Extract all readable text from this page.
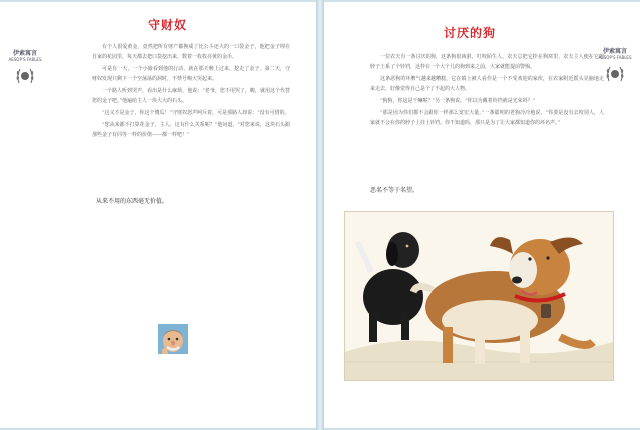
守财奴
伊索寓言
AESOP'S FABLES

有个人很爱黄金，竟然把所有财产都换成了比公斗还大的一口袋金子，他把金子埋在自家的花园里，每天都去把口袋挖出来，数着一枚枚亮黄的金币。

可是有一天，一个小偷看到他的行动，就在那天晚上过来，挖走了金子。第二天，守财奴发现只剩下一个空荡荡的洞时，不禁号啕大哭起来。

一个路人听到哭声，看出是什么麻烦，他说：“老爷，您不用哭了，嗨，就用这个代替您的金子吧。”他遍给主人一块大大的石头。

“这又不是金子，你这个傻瓜！”守财奴怒声呵斥着，可是那路人却说：“没有可惜的。

“您从来都不打算花金子，主人，这有什么关系呢？”他问道，“对您来说，这块石头跟那些金子有同等一样的价值——都一样吧！”

从来不用的东西毫无价值。
讨厌的狗
伊索寓言
AESOP'S FABLES

一位农夫有一条讨厌的狗，这条狗很凶狠，叮咬陌生人，农夫总把它拴在狗窝里，农夫主人便在它的脖子上系了个铃铛，这样在一个大个儿的狗到来之前，大家就能提前警惕。

这条恶狗的坏脾气越来越糟糕，它在镇上被人看作是一个不受欢迎的家伙，在农家附近摇头晃脑地走来走去，好像觉得自己是个了不起的大人物。

“狗狗，你这是干嘛呢？”另一条狗说，“你以为戴着铃铛就是光荣吗？”

“那是因为你们都不会跟你一样那么宽宏大量。”一条聪明的老狗冷冷地说，“你要是没有去咬别人，人家就不会在你的脖子上挂上铃铛。你不知道吗，那只是为了让大家都知道你的坏名声。”

恶名不等于名望。
